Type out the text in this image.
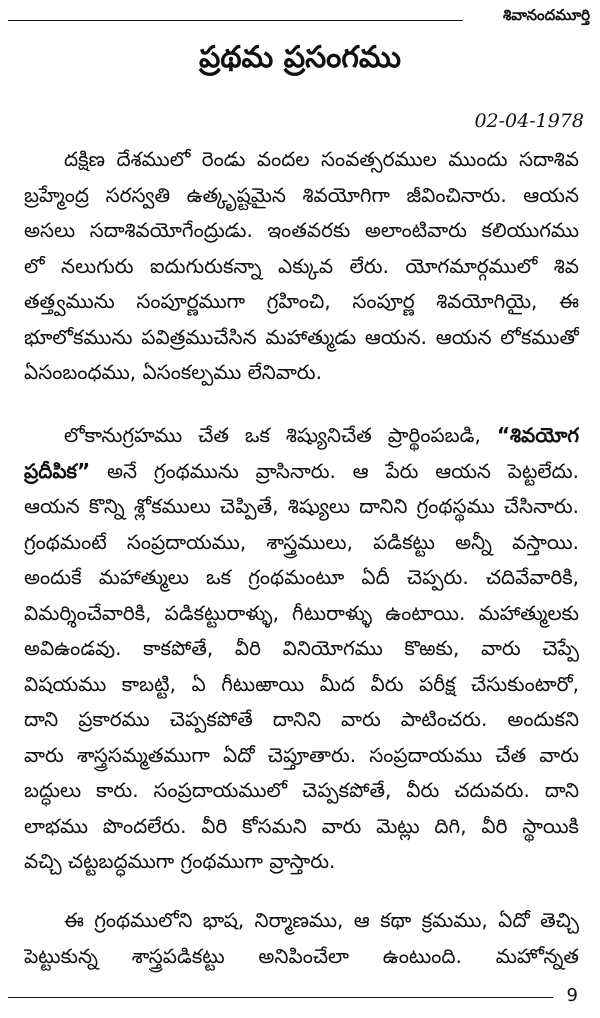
శివానందమూర్తి
ప్రథమ ప్రసంగము
02-04-1978
దక్షిణ దేశములో రెండు వందల సంవత్సరముల ముందు సదాశివ
బ్రహ్మేంద్ర సరస్వతి ఉత్కృష్టమైన శివయోగిగా జీవించినారు. ఆయన
అసలు సదాశివయోగేంద్రుడు. ఇంతవరకు అలాంటివారు కలియుగము
లో నలుగురు ఐదుగురుకన్నా ఎక్కువ లేరు. యోగమార్గములో శివ
తత్త్వమును సంపూర్ణముగా గ్రహించి, సంపూర్ణ శివయోగియై, ఈ
భూలోకమును పవిత్రముచేసిన మహాత్ముడు ఆయన. ఆయన లోకముతో
ఏసంబంధము, ఏసంకల్పము లేనివారు.
లోకానుగ్రహము చేత ఒక శిష్యునిచేత ప్రార్థింపబడి, “శివయోగ
ప్రదీపిక” అనే గ్రంథమును వ్రాసినారు. ఆ పేరు ఆయన పెట్టలేదు.
ఆయన కొన్ని శ్లోకములు చెప్పితే, శిష్యులు దానిని గ్రంథస్థము చేసినారు.
గ్రంథమంటే సంప్రదాయము, శాస్త్రములు, పడికట్టు అన్నీ వస్తాయి.
అందుకే మహాత్ములు ఒక గ్రంథమంటూ ఏదీ చెప్పరు. చదివేవారికి,
విమర్శించేవారికి, పడికట్టురాళ్ళు, గీటురాళ్ళు ఉంటాయి. మహాత్ములకు
అవిఉండవు. కాకపోతే, వీరి వినియోగము కొఱకు, వారు చెప్పే
విషయము కాబట్టి, ఏ గీటుఱాయి మీద వీరు పరీక్ష చేసుకుంటారో,
దాని ప్రకారము చెప్పకపోతే దానిని వారు పాటించరు. అందుకని
వారు శాస్త్రసమ్మతముగా ఏదో చెప్తూతారు. సంప్రదాయము చేత వారు
బద్ధులు కారు. సంప్రదాయములో చెప్పకపోతే, వీరు చదువరు. దాని
లాభము పొందలేరు. వీరి కోసమని వారు మెట్లు దిగి, వీరి స్థాయికి
వచ్చి చట్టబద్ధముగా గ్రంథముగా వ్రాస్తారు.
ఈ గ్రంథములోని భాష, నిర్మాణము, ఆ కథా క్రమము, ఏదో తెచ్చి
పెట్టుకున్న శాస్త్రపడికట్టు అనిపించేలా ఉంటుంది. మహోన్నత
9
